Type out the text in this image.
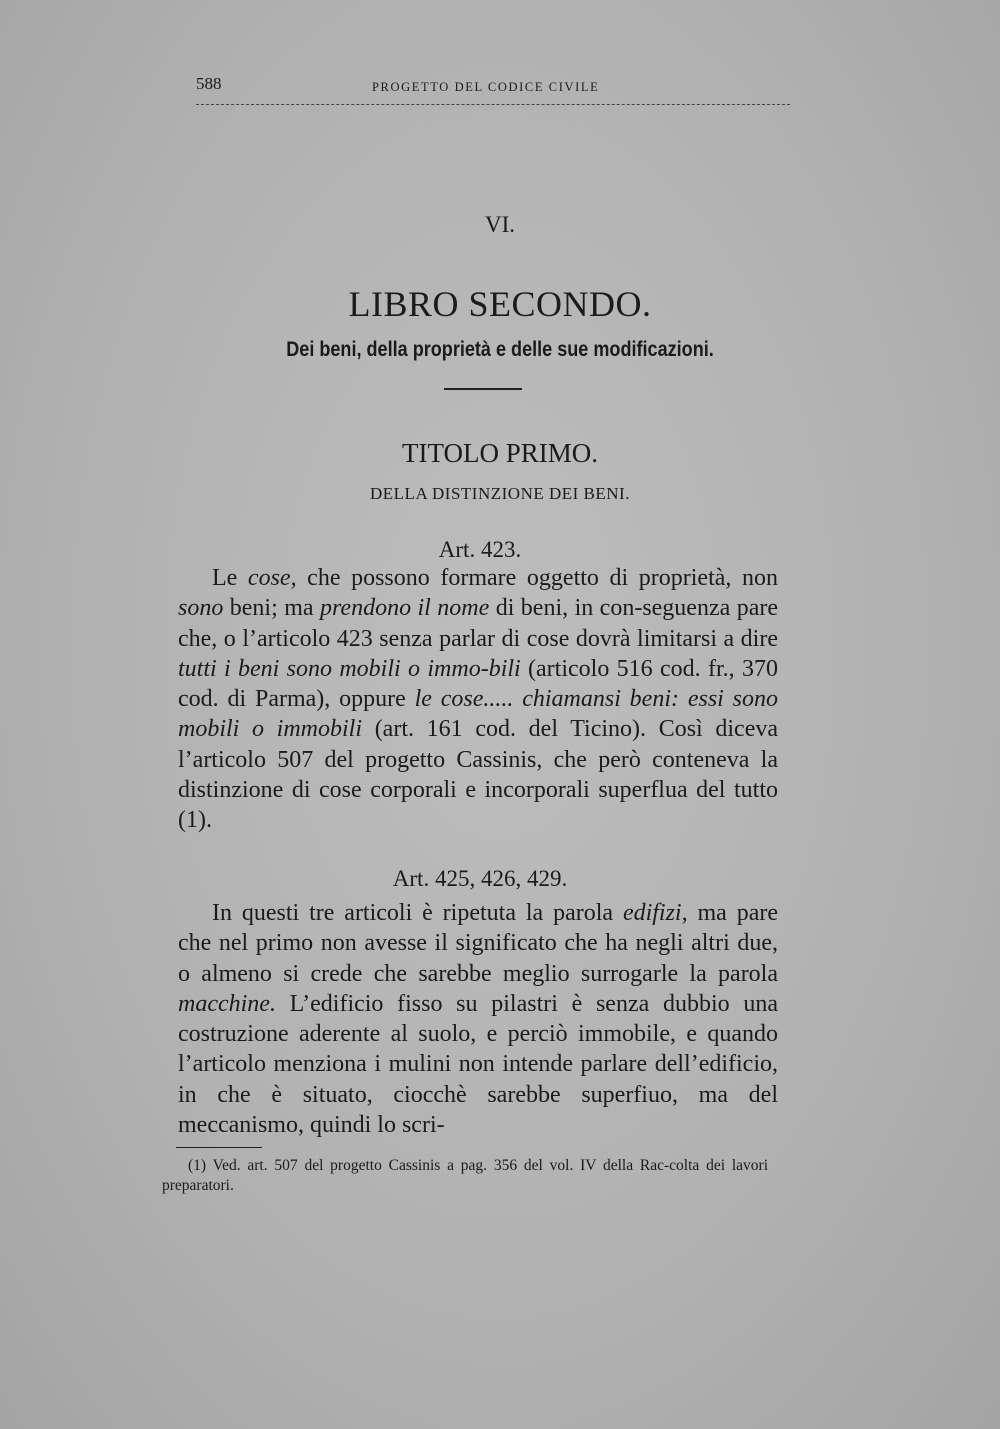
588	PROGETTO DEL CODICE CIVILE
VI.
LIBRO SECONDO.
Dei beni, della proprietà e delle sue modificazioni.
TITOLO PRIMO.
DELLA DISTINZIONE DEI BENI.
Art. 423.

Le cose, che possono formare oggetto di proprietà, non sono beni; ma prendono il nome di beni, in con-seguenza pare che, o l’articolo 423 senza parlar di cose dovrà limitarsi a dire tutti i beni sono mobili o immo-bili (articolo 516 cod. fr., 370 cod. di Parma), oppure le cose..... chiamansi beni: essi sono mobili o immobili (art. 161 cod. del Ticino). Così diceva l’articolo 507 del progetto Cassinis, che però conteneva la distinzione di cose corporali e incorporali superflua del tutto (1).

Art. 425, 426, 429.

In questi tre articoli è ripetuta la parola edifizi, ma pare che nel primo non avesse il significato che ha negli altri due, o almeno si crede che sarebbe meglio surrogarle la parola macchine. L’edificio fisso su pilastri è senza dubbio una costruzione aderente al suolo, e perciò immobile, e quando l’articolo menziona i mulini non intende parlare dell’edificio, in che è situato, ciocchè sarebbe superfiuo, ma del meccanismo, quindi lo scri-

(1) Ved. art. 507 del progetto Cassinis a pag. 356 del vol. IV della Rac-colta dei lavori preparatori.
